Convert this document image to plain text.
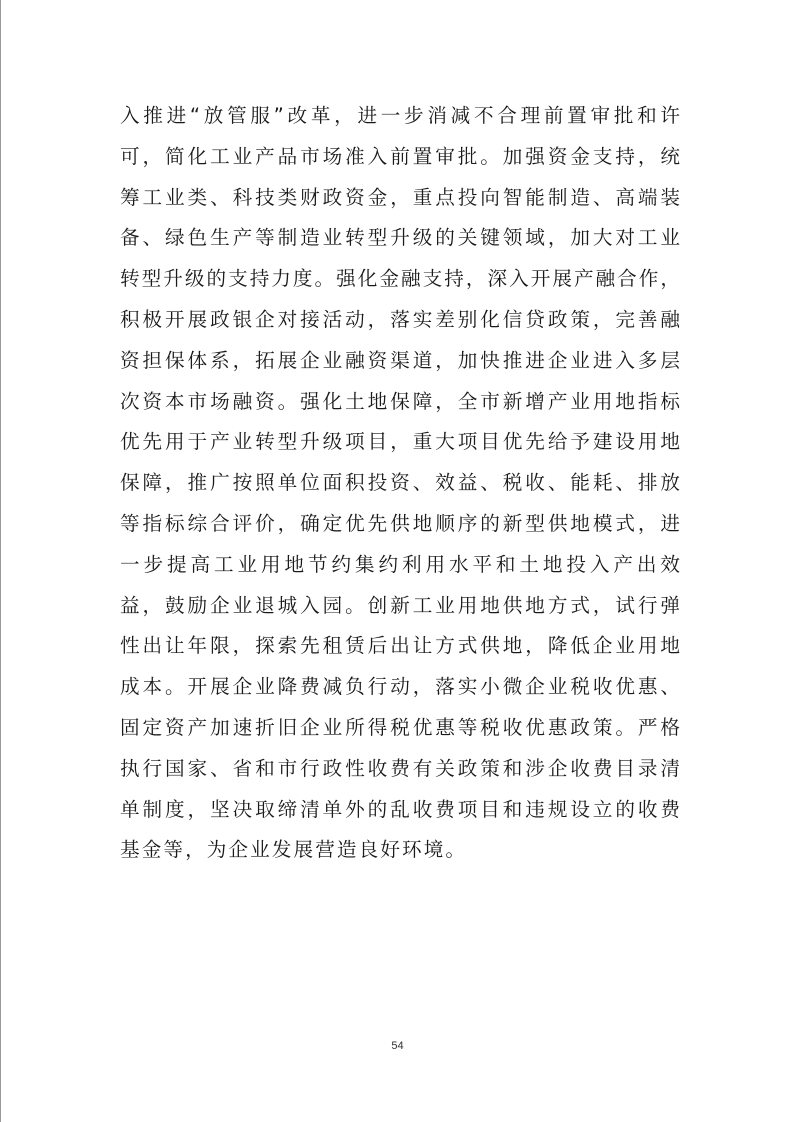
入推进“放管服”改革，进一步消减不合理前置审批和许
可，简化工业产品市场准入前置审批。加强资金支持，统
筹工业类、科技类财政资金，重点投向智能制造、高端装
备、绿色生产等制造业转型升级的关键领域，加大对工业
转型升级的支持力度。强化金融支持，深入开展产融合作，
积极开展政银企对接活动，落实差别化信贷政策，完善融
资担保体系，拓展企业融资渠道，加快推进企业进入多层
次资本市场融资。强化土地保障，全市新增产业用地指标
优先用于产业转型升级项目，重大项目优先给予建设用地
保障，推广按照单位面积投资、效益、税收、能耗、排放
等指标综合评价，确定优先供地顺序的新型供地模式，进
一步提高工业用地节约集约利用水平和土地投入产出效
益，鼓励企业退城入园。创新工业用地供地方式，试行弹
性出让年限，探索先租赁后出让方式供地，降低企业用地
成本。开展企业降费减负行动，落实小微企业税收优惠、
固定资产加速折旧企业所得税优惠等税收优惠政策。严格
执行国家、省和市行政性收费有关政策和涉企收费目录清
单制度，坚决取缔清单外的乱收费项目和违规设立的收费
基金等，为企业发展营造良好环境。
54
